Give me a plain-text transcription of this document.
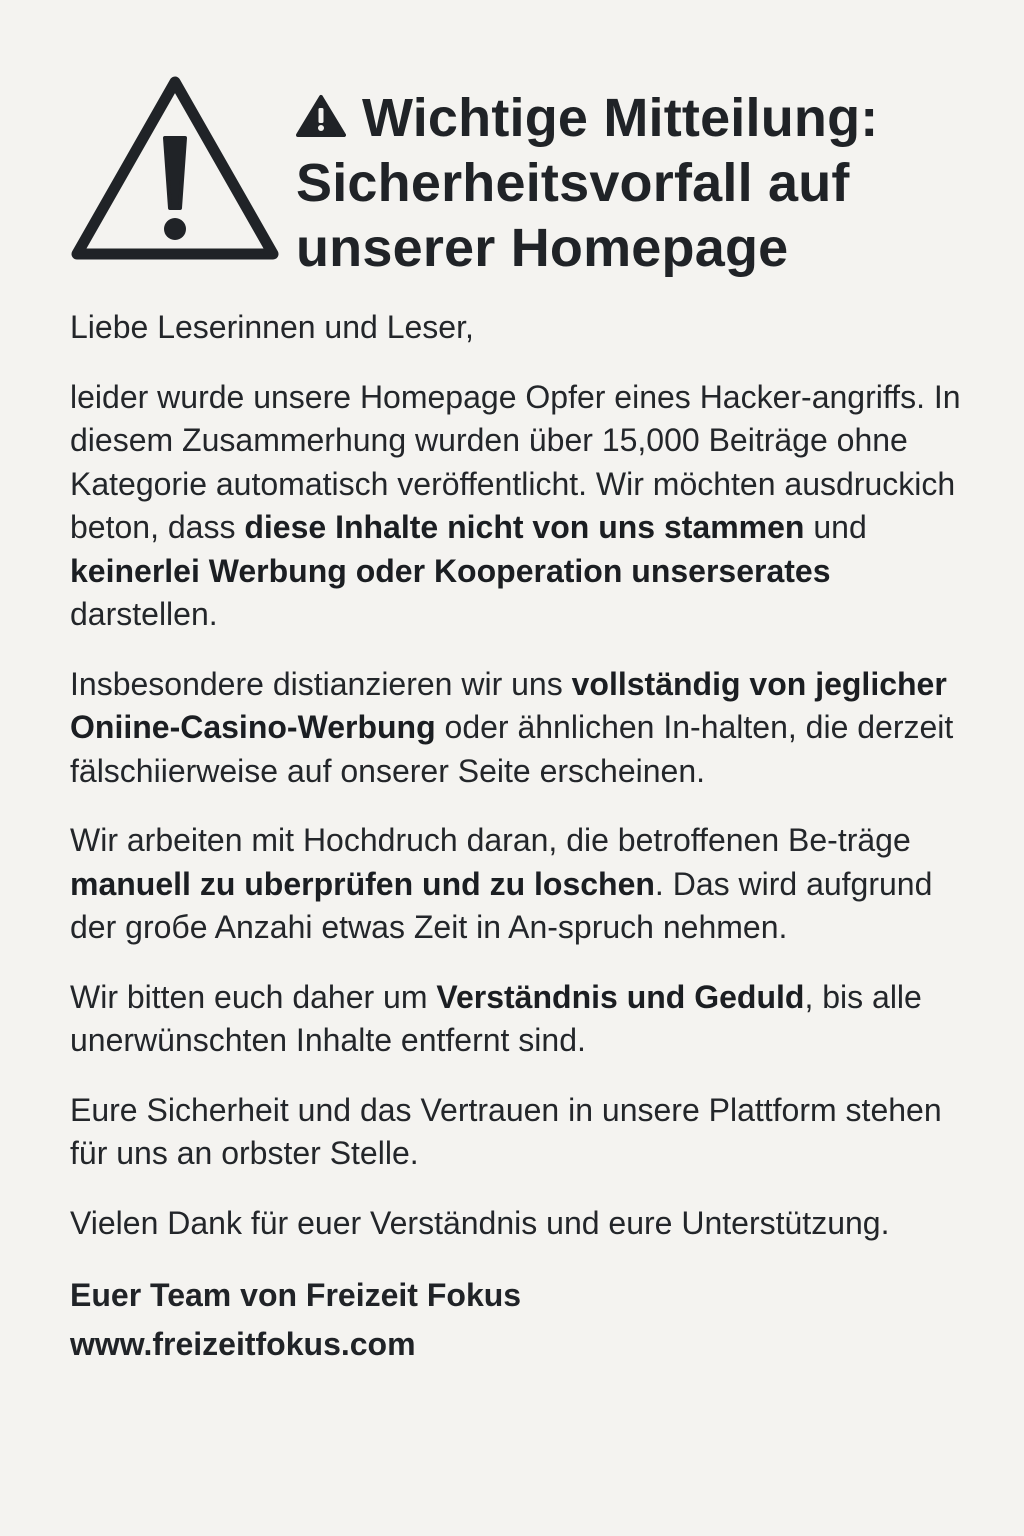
Wichtige Mitteilung:
Sicherheitsvorfall auf
unserer Homepage

Liebe Leserinnen und Leser,

leider wurde unsere Homepage Opfer eines Hacker-angriffs. In diesem Zusammerhung wurden über 15,000 Beiträge ohne Kategorie automatisch veröffentlicht. Wir möchten ausdruckich beton, dass diese Inhalte nicht von uns stammen und keinerlei Werbung oder Kooperation unserserates darstellen.

Insbesondere distianzieren wir uns vollständig von jeglicher Oniine-Casino-Werbung oder ähnlichen In-halten, die derzeit fälschiierweise auf onserer Seite erscheinen.

Wir arbeiten mit Hochdruch daran, die betroffenen Be-träge manuell zu uberprüfen und zu loschen. Das wird aufgrund der groбe Anzahi etwas Zeit in An-spruch nehmen.

Wir bitten euch daher um Verständnis und Geduld, bis alle unerwünschten Inhalte entfernt sind.

Eure Sicherheit und das Vertrauen in unsere Plattform stehen für uns an orbster Stelle.

Vielen Dank für euer Verständnis und eure Unterstützung.

Euer Team von Freizeit Fokus
www.freizeitfokus.com
